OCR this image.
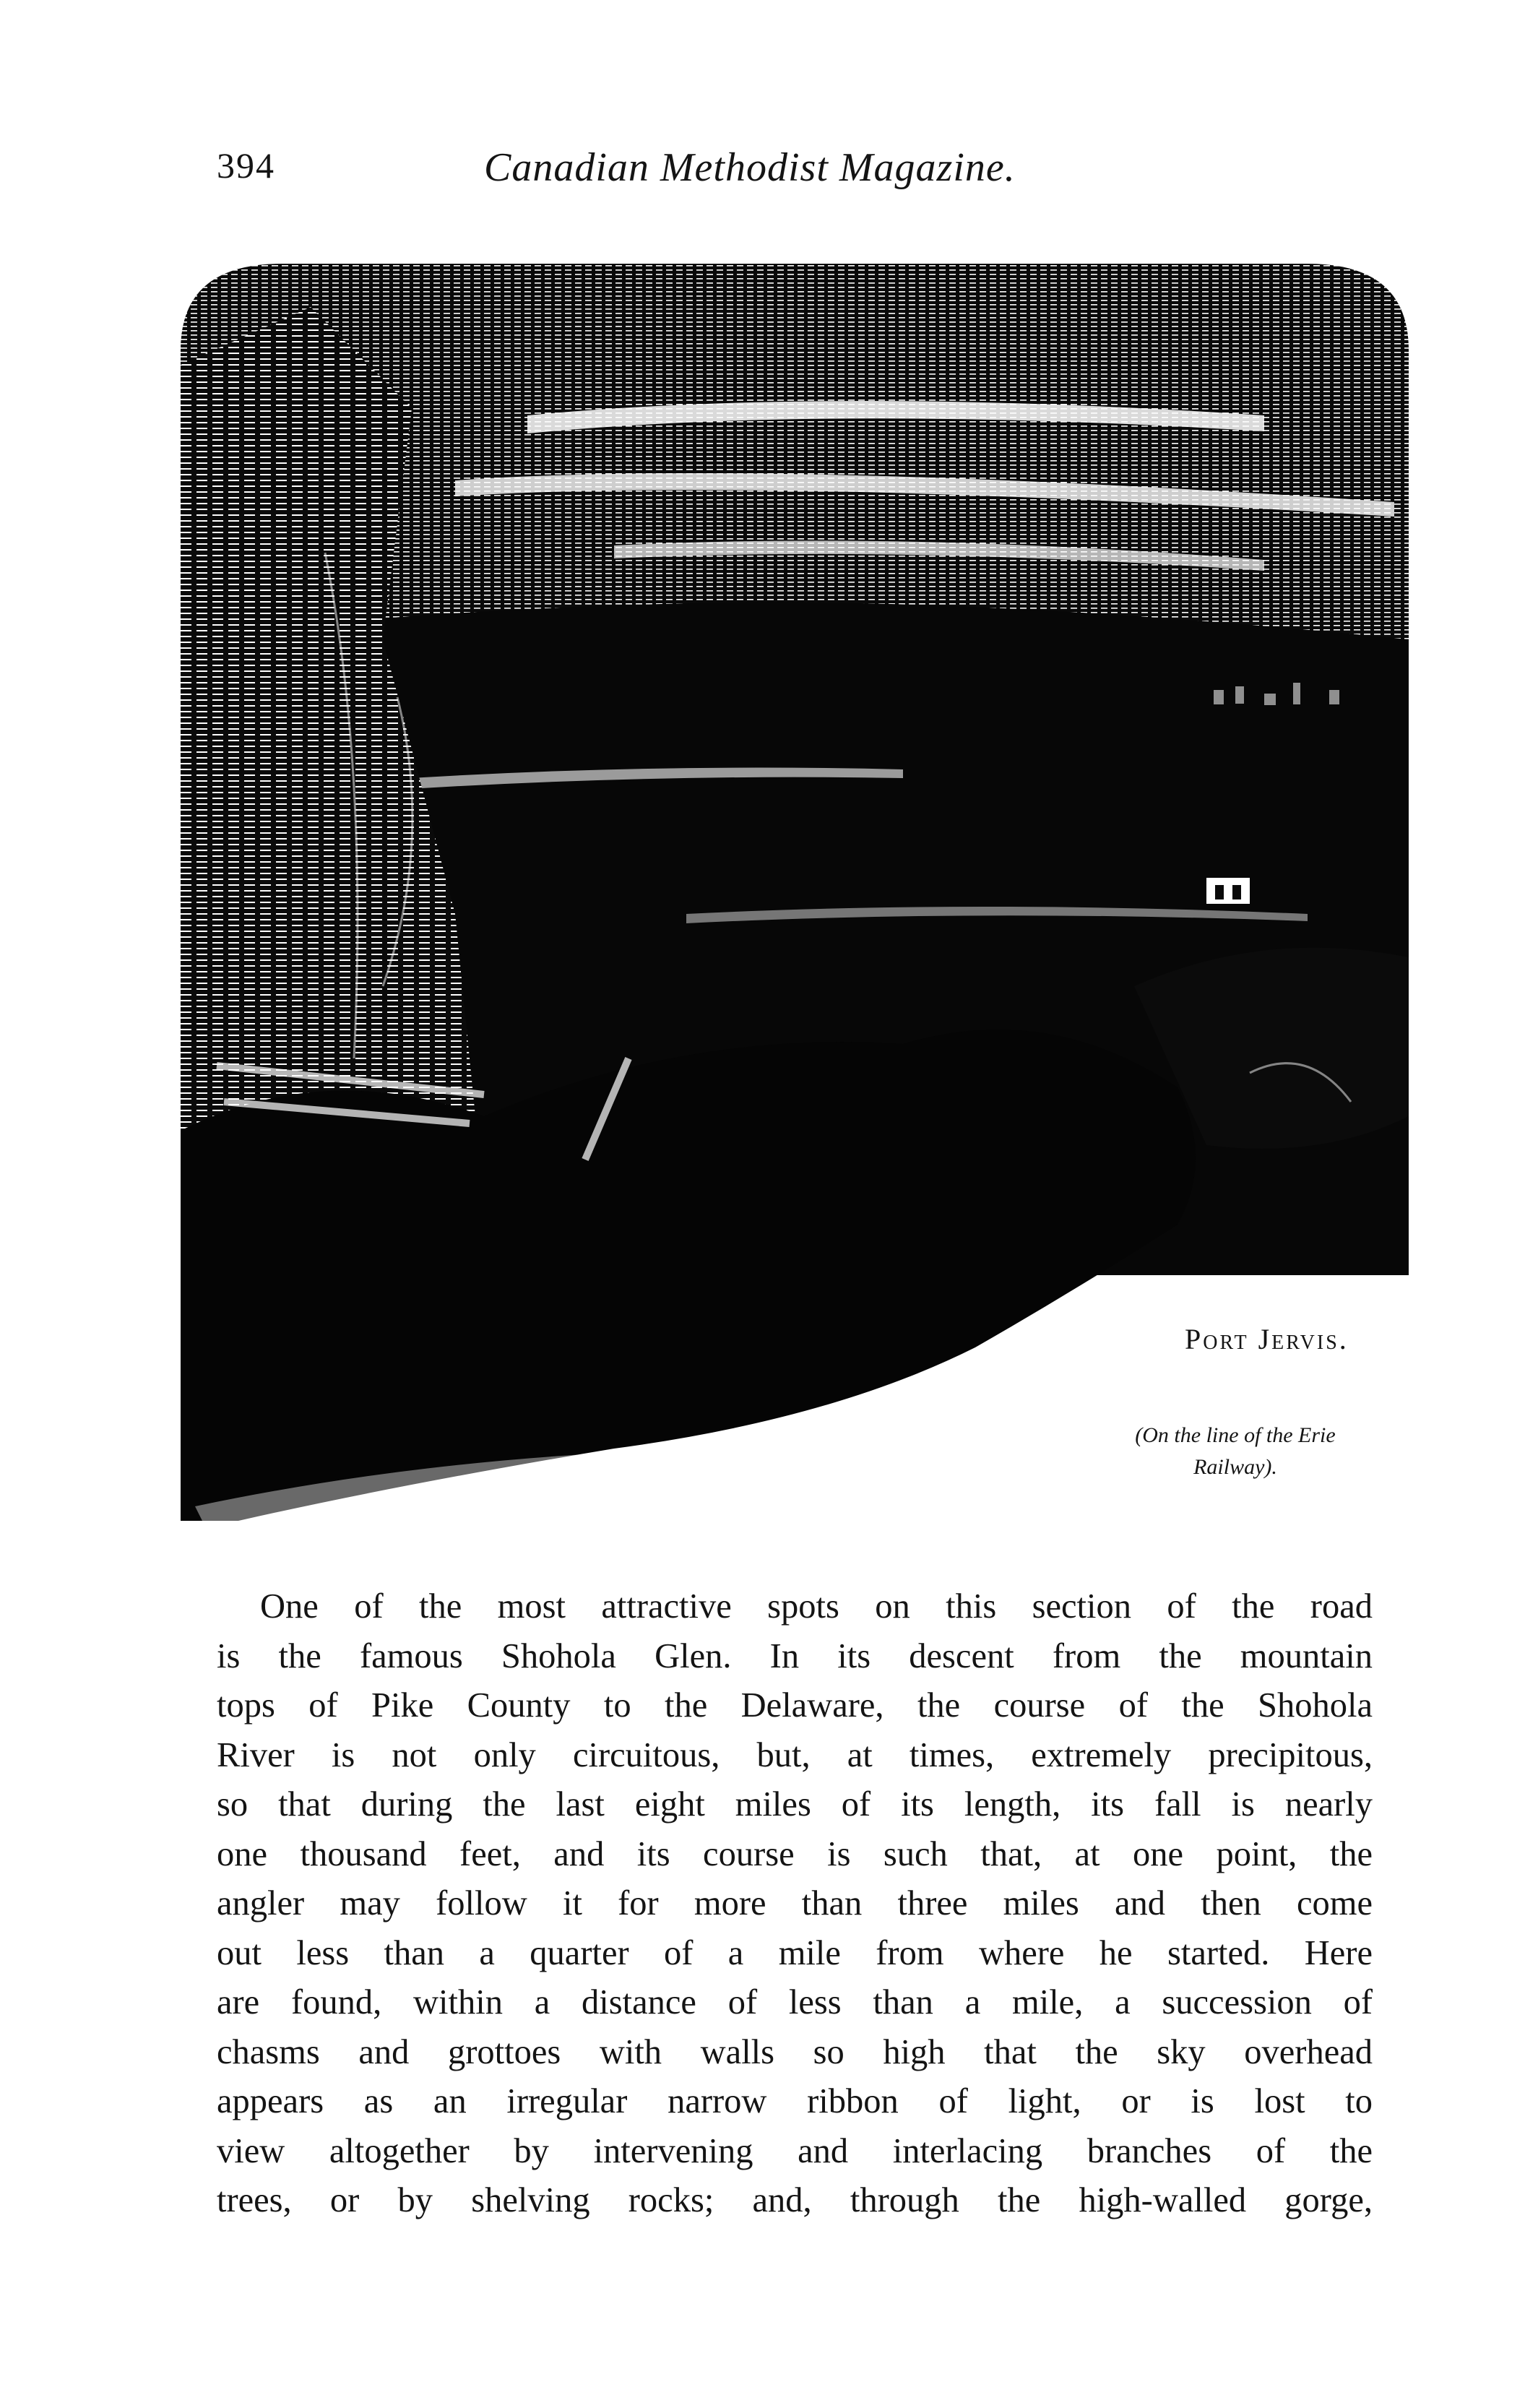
394	Canadian Methodist Magazine.
Port Jervis.
(On the line of the Erie
Railway).
One of the most attractive spots on this section of the road
is the famous Shohola Glen. In its descent from the mountain
tops of Pike County to the Delaware, the course of the Shohola
River is not only circuitous, but, at times, extremely precipitous,
so that during the last eight miles of its length, its fall is nearly
one thousand feet, and its course is such that, at one point, the
angler may follow it for more than three miles and then come
out less than a quarter of a mile from where he started. Here
are found, within a distance of less than a mile, a succession of
chasms and grottoes with walls so high that the sky overhead
appears as an irregular narrow ribbon of light, or is lost to
view altogether by intervening and interlacing branches of the
trees, or by shelving rocks; and, through the high-walled gorge,
